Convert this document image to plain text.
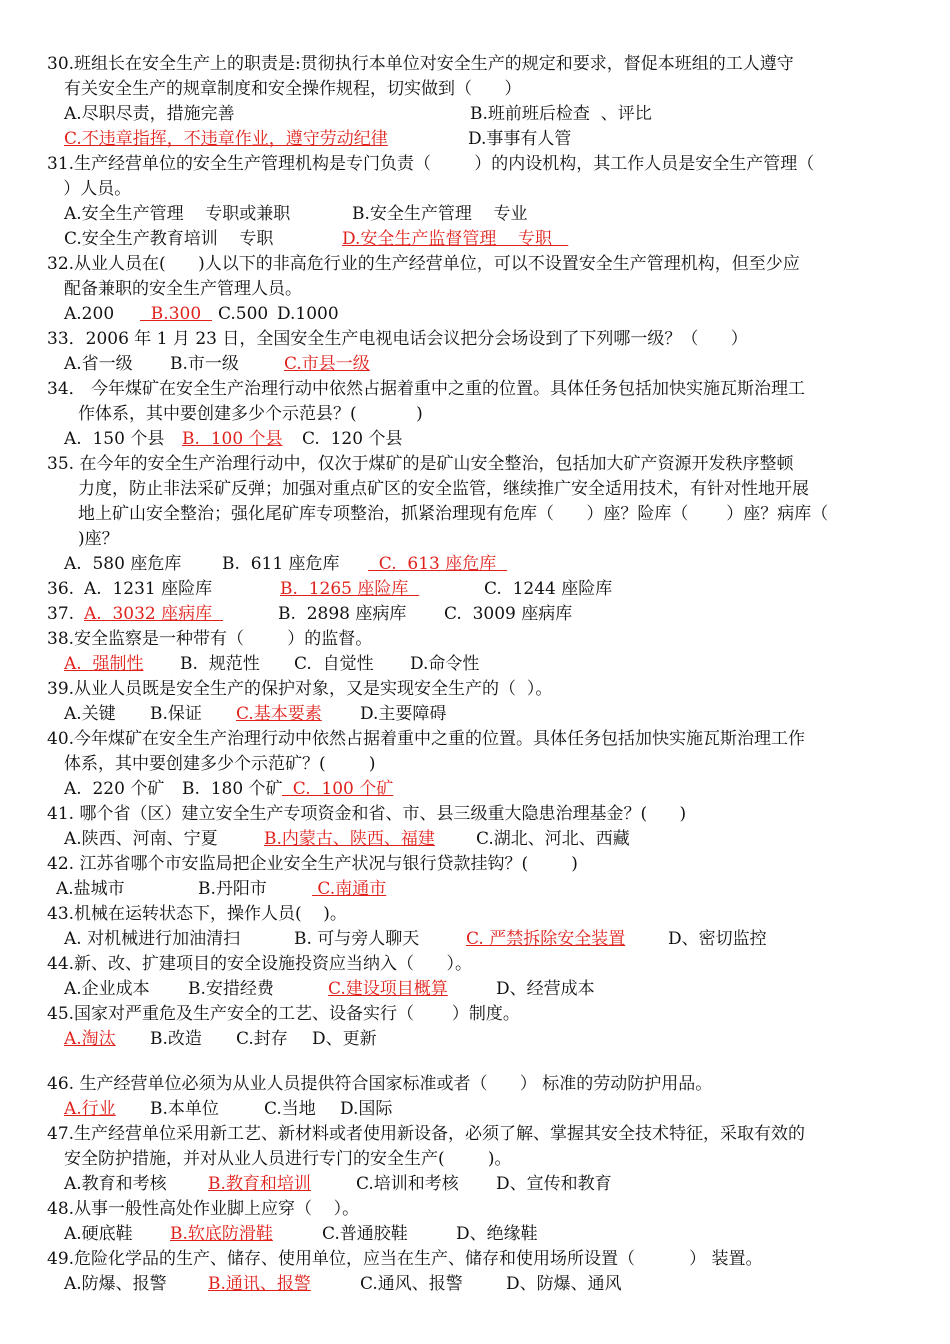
30.班组长在安全生产上的职责是:贯彻执行本单位对安全生产的规定和要求，督促本班组的工人遵守
有关安全生产的规章制度和安全操作规程，切实做到（      ）
A.尽职尽责，措施完善	B.班前班后检查  、评比
C.不违章指挥，不违章作业，遵守劳动纪律	D.事事有人管
31.生产经营单位的安全生产管理机构是专门负责（        ）的内设机构，其工作人员是安全生产管理（
）人员。
A.安全生产管理    专职或兼职	B.安全生产管理    专业
C.安全生产教育培训    专职	D.安全生产监督管理    专职
32.从业人员在(      )人以下的非高危行业的生产经营单位，可以不设置安全生产管理机构，但至少应
配备兼职的安全生产管理人员。
A.200 B.300 C.500 D.1000
33．2006 年 1 月 23 日，全国安全生产电视电话会议把分会场设到了下列哪一级？（      ）
A.省一级 B.市一级	C.市县一级
34． 今年煤矿在安全生产治理行动中依然占据着重中之重的位置。具体任务包括加快实施瓦斯治理工
作体系，其中要创建多少个示范县？(           )
A.  150 个县 B.  100 个县 C.  120 个县
35. 在今年的安全生产治理行动中，仅次于煤矿的是矿山安全整治，包括加大矿产资源开发秩序整顿
力度，防止非法采矿反弹；加强对重点矿区的安全监管，继续推广安全适用技术，有针对性地开展
地上矿山安全整治；强化尾矿库专项整治，抓紧治理现有危库（      ）座？险库（       ）座？病库（
)座？
A.  580 座危库 B.  611 座危库 C.  613 座危库
36. A.  1231 座险库	B.  1265 座险库	C.  1244 座险库
37. A.  3032 座病库	B.  2898 座病库 C.  3009 座病库
38.安全监察是一种带有（        ）的监督。
A.  强制性 B.  规范性 C.  自觉性 D.命令性
39.从业人员既是安全生产的保护对象，又是实现安全生产的（  ）。
A.关键 B.保证 C.基本要素 D.主要障碍
40.今年煤矿在安全生产治理行动中依然占据着重中之重的位置。具体任务包括加快实施瓦斯治理工作
体系，其中要创建多少个示范矿？(        )
A.  220 个矿 B.  180 个矿 C.  100 个矿
41. 哪个省（区）建立安全生产专项资金和省、市、县三级重大隐患治理基金？(      )
A.陕西、河南、宁夏	B.内蒙古、陕西、福建 C.湖北、河北、西藏
42. 江苏省哪个市安监局把企业安全生产状况与银行贷款挂钩？(        )
A.盐城市	B.丹阳市	C.南通市
43.机械在运转状态下，操作人员(    )。
A. 对机械进行加油清扫	B. 可与旁人聊天	C. 严禁拆除安全装置	D、密切监控
44.新、改、扩建项目的安全设施投资应当纳入（      ）。
A.企业成本 B.安措经费	C.建设项目概算	D、经营成本
45.国家对严重危及生产安全的工艺、设备实行（       ）制度。
A.淘汰 B.改造 C.封存 D、更新
46. 生产经营单位必须为从业人员提供符合国家标准或者（      ） 标准的劳动防护用品。
A.行业 B.本单位	C.当地 D.国际
47.生产经营单位采用新工艺、新材料或者使用新设备，必须了解、掌握其安全技术特征，采取有效的
安全防护措施，并对从业人员进行专门的安全生产(        )。
A.教育和考核 B.教育和培训	C.培训和考核 D、宣传和教育
48.从事一般性高处作业脚上应穿（    ）。
A.硬底鞋 B.软底防滑鞋	C.普通胶鞋	D、绝缘鞋
49.危险化学品的生产、储存、使用单位，应当在生产、储存和使用场所设置（          ） 装置。
A.防爆、报警 B.通讯、报警	C.通风、报警	D、防爆、通风
